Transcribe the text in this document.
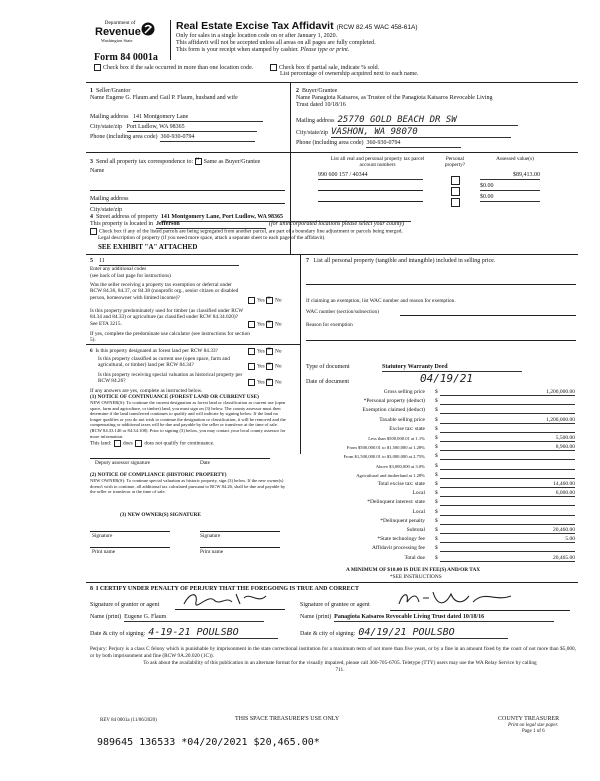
Department of
Revenue
Washington State
Form 84 0001a
Real Estate Excise Tax Affidavit (RCW 82.45 WAC 458-61A)
Only for sales in a single location code on or after January 1, 2020.
This affidavit will not be accepted unless all areas on all pages are fully completed.
This form is your receipt when stamped by cashier. Please type or print.
Check box if the sale occurred in more than one location code.	Check box if partial sale, indicate % sold.
List percentage of ownership acquired next to each name.
1 Seller/Grantor
Name Eugene G. Flaum and Gail P. Flaum, husband and wife
Mailing address 141 Montgomery Lane
City/state/zip Port Ludlow, WA 98365
Phone (including area code) 360-930-0794
2 Buyer/Grantee
Name Panagiota Katsaros, as Trustee of the Panagiota Katsaros Revocable Living Trust dated 10/18/16
Mailing address 25770 GOLD BEACH DR SW
City/state/zip VASHON, WA 98070
Phone (including area code) 360-930-0794
3 Send all property tax correspondence to: × Same as Buyer/Grantee
Name
Mailing address
City/state/zip
List all real and personal property tax parcel account numbers
Personal property?
Assessed value(s)
990 600 157 / 40344	$89,413.00
$0.00
$0.00
4 Street address of property 141 Montgomery Lane, Port Ludlow, WA 98365
This property is located in Jefferson	(for unincorporated locations please select your county)
Check box if any of the listed parcels are being segregated from another parcel, are part of a boundary line adjustment or parcels being merged.
Legal description of property (if you need more space, attach a separate sheet to each page of the affidavit).
SEE EXHIBIT "A" ATTACHED
5 11
Enter any additional codes
(see back of last page for instructions)
Was the seller receiving a property tax exemption or deferral under RCW 84.36, 84.37, or 84.38 (nonprofit org., senior citizen or disabled person, homeowner with limited income)?	Yes × No
Is this property predominately used for timber (as classified under RCW 84.34 and 84.33) or agriculture (as classified under RCW 84.34.020)? See ETA 3215.	Yes × No
If yes, complete the predominate use calculator (see instructions for section 5).
6 Is this property designated as forest land per RCW 84.33?	Yes × No
Is this property classified as current use (open space, farm and agricultural, or timber) land per RCW 84.34?	Yes × No
Is this property receiving special valuation as historical property per RCW 84.26?	Yes × No
If any answers are yes, complete as instructed below.
(1) NOTICE OF CONTINUANCE (FOREST LAND OR CURRENT USE)
NEW OWNER(S): To continue the current designation as forest land or classification as current use (open space, farm and agriculture, or timber) land, you must sign on (3) below. The county assessor must then determine if the land transferred continues to qualify and will indicate by signing below. If the land no longer qualifies or you do not wish to continue the designation or classification, it will be removed and the compensating or additional taxes will be due and payable by the seller or transferor at the time of sale. (RCW 84.33.140 or 84.34.108). Prior to signing (3) below, you may contact your local county assessor for more information.
This land: does does not qualify for continuance.
Deputy assessor signature	Date
(2) NOTICE OF COMPLIANCE (HISTORIC PROPERTY)
NEW OWNER(S): To continue special valuation as historic property, sign (3) below. If the new owner(s) doesn't wish to continue, all additional tax calculated pursuant to RCW 84.26, shall be due and payable by the seller or transferor at the time of sale.
(3) NEW OWNER(S) SIGNATURE
Signature	Signature
Print name	Print name
7 List all personal property (tangible and intangible) included in selling price.
If claiming an exemption, list WAC number and reason for exemption.
WAC number (section/subsection)
Reason for exemption
Type of document	Statutory Warranty Deed
Date of document	04/19/21
Gross selling price $	1,200,000.00
*Personal property (deduct) $
Exemption claimed (deduct) $
Taxable selling price $	1,200,000.00
Excise tax: state $
Less than $500,000.01 at 1.1% $	5,500.00
From $500,000.01 to $1,500,000 at 1.28% $	8,960.00
From $1,500,000.01 to $3,000,000 at 2.75% $
Above $3,000,000 at 3.0% $
Agricultural and timberland at 1.28% $
Total excise tax: state $	14,460.00
Local $	6,000.00
*Delinquent interest: state $
Local $
*Delinquent penalty $
Subtotal $	20,460.00
*State technology fee $	5.00
Affidavit processing fee $
Total due $	20,465.00
A MINIMUM OF $10.00 IS DUE IN FEE(S) AND/OR TAX
*SEE INSTRUCTIONS
8 I CERTIFY UNDER PENALTY OF PERJURY THAT THE FOREGOING IS TRUE AND CORRECT
Signature of grantor or agent
Name (print) Eugene G. Flaum
Date & city of signing: 4-19-21 POULSBO
Signature of grantee or agent
Name (print) Panagiota Katsaros Revocable Living Trust dated 10/18/16
Date & city of signing: 04/19/21 POULSBO
Perjury: Perjury is a class C felony which is punishable by imprisonment in the state correctional institution for a maximum term of not more than five years, or by a fine in an amount fixed by the court of not more than $5,000, or by both imprisonment and fine (RCW 9A.20.020 (1C)).
To ask about the availability of this publication in an alternate format for the visually impaired, please call 360-705-6705. Teletype (TTY) users may use the WA Relay Service by calling 711.
REV 84 0001a (11/06/2020)	THIS SPACE TREASURER'S USE ONLY	COUNTY TREASURER
Print on legal size paper.
Page 1 of 6
989645 136533 *04/20/2021 $20,465.00*
